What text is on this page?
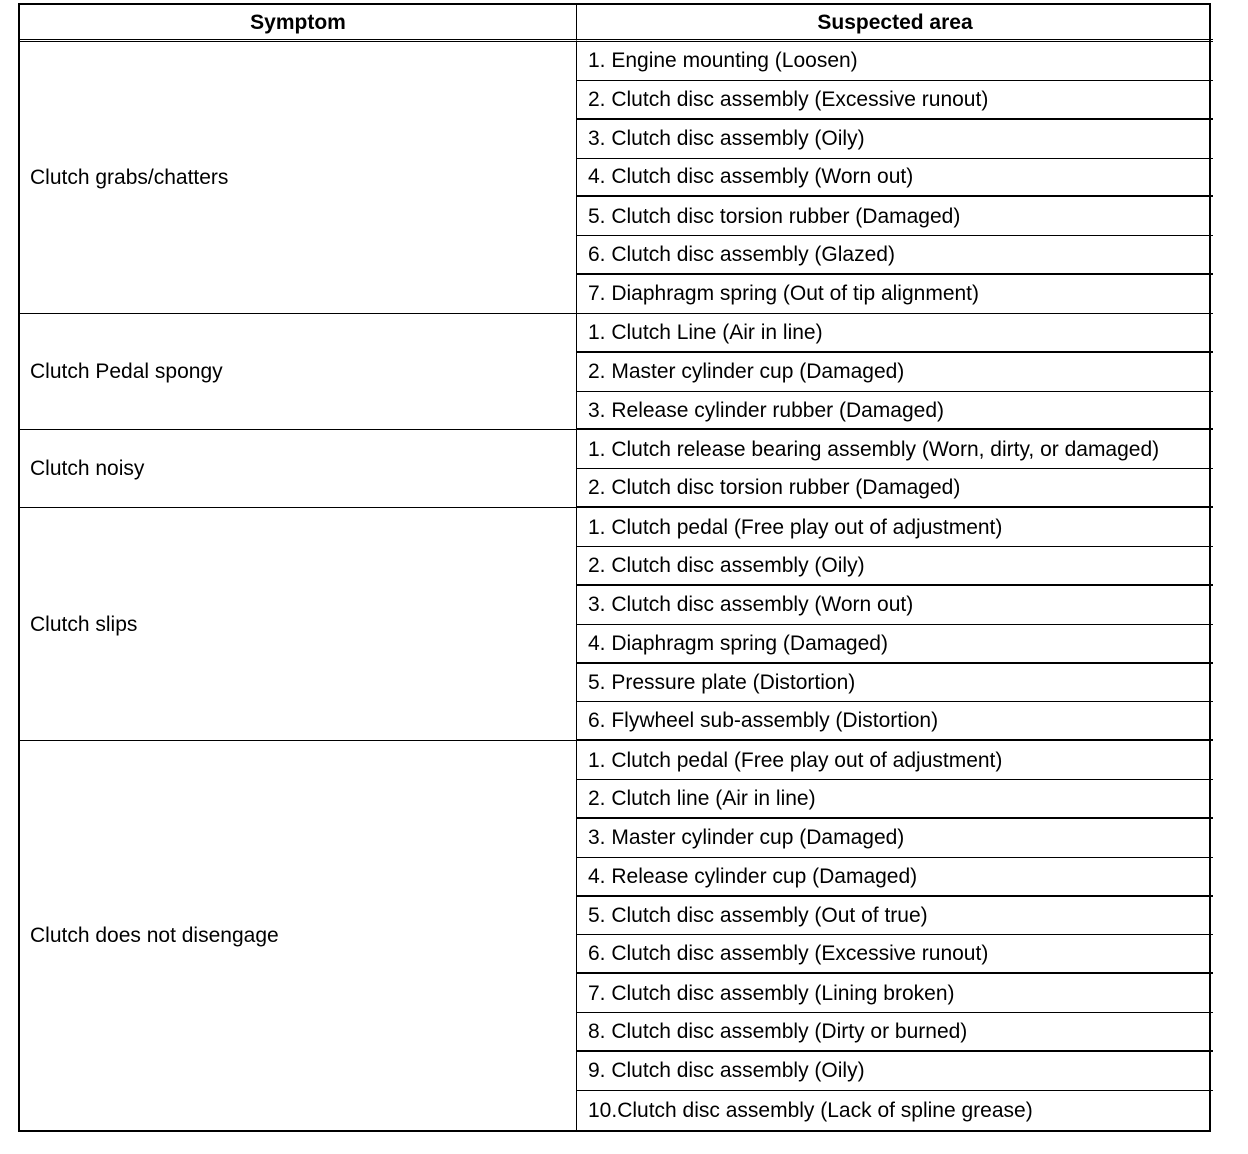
Symptom	Suspected area
Clutch grabs/chatters
1. Engine mounting (Loosen)
2. Clutch disc assembly (Excessive runout)
3. Clutch disc assembly (Oily)
4. Clutch disc assembly (Worn out)
5. Clutch disc torsion rubber (Damaged)
6. Clutch disc assembly (Glazed)
7. Diaphragm spring (Out of tip alignment)
Clutch Pedal spongy
1. Clutch Line (Air in line)
2. Master cylinder cup (Damaged)
3. Release cylinder rubber (Damaged)
Clutch noisy
1. Clutch release bearing assembly (Worn, dirty, or damaged)
2. Clutch disc torsion rubber (Damaged)
Clutch slips
1. Clutch pedal (Free play out of adjustment)
2. Clutch disc assembly (Oily)
3. Clutch disc assembly (Worn out)
4. Diaphragm spring (Damaged)
5. Pressure plate (Distortion)
6. Flywheel sub-assembly (Distortion)
Clutch does not disengage
1. Clutch pedal (Free play out of adjustment)
2. Clutch line (Air in line)
3. Master cylinder cup (Damaged)
4. Release cylinder cup (Damaged)
5. Clutch disc assembly (Out of true)
6. Clutch disc assembly (Excessive runout)
7. Clutch disc assembly (Lining broken)
8. Clutch disc assembly (Dirty or burned)
9. Clutch disc assembly (Oily)
10.Clutch disc assembly (Lack of spline grease)
